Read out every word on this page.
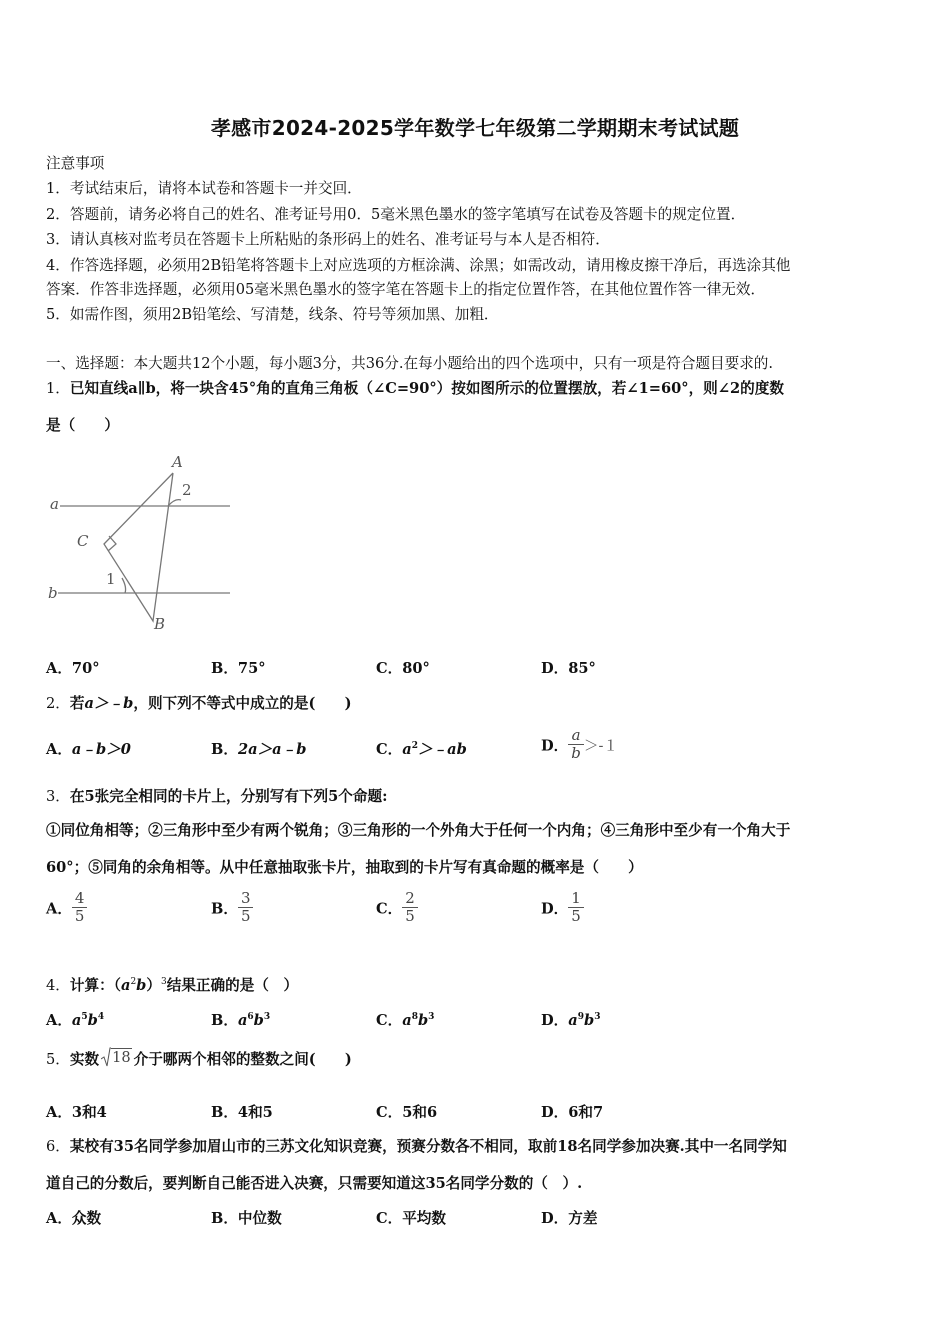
孝感市2024-2025学年数学七年级第二学期期末考试试题
注意事项
1．考试结束后，请将本试卷和答题卡一并交回．
2．答题前，请务必将自己的姓名、准考证号用0．5毫米黑色墨水的签字笔填写在试卷及答题卡的规定位置．
3．请认真核对监考员在答题卡上所粘贴的条形码上的姓名、准考证号与本人是否相符．
4．作答选择题，必须用2B铅笔将答题卡上对应选项的方框涂满、涂黑；如需改动，请用橡皮擦干净后，再选涂其他
答案．作答非选择题，必须用05毫米黑色墨水的签字笔在答题卡上的指定位置作答，在其他位置作答一律无效．
5．如需作图，须用2B铅笔绘、写清楚，线条、符号等须加黑、加粗．
一、选择题：本大题共12个小题，每小题3分，共36分.在每小题给出的四个选项中，只有一项是符合题目要求的.
1．已知直线a∥b，将一块含45°角的直角三角板（∠C=90°）按如图所示的位置摆放，若∠1=60°，则∠2的度数
是（　　）
A
B
C
a
b
1
2
A．70°	B．75°	C．80°	D．85°
2．若a＞﹣b，则下列不等式中成立的是(　　)
A．a﹣b＞0	B．2a＞a﹣b	C．$a^2>﹣ab$	D． $\frac{a}{b} >-1$
3．在5张完全相同的卡片上，分别写有下列5个命题:
①同位角相等；②三角形中至少有两个锐角；③三角形的一个外角大于任何一个内角；④三角形中至少有一个角大于
60°；⑤同角的余角相等。从中任意抽取张卡片，抽取到的卡片写有真命题的概率是（　　）
A． $\frac{4}{5}$	B． $\frac{3}{5}$	C． $\frac{2}{5}$	D． $\frac{1}{5}$
4．计算：$(a^2b)^3$结果正确的是（　）
A．$a^5b^4$	B．$a^6b^3$	C．$a^8b^3$	D．$a^9b^3$
5．实数 18 介于哪两个相邻的整数之间(　　)
A．3和4	B．4和5	C．5和6	D．6和7
6．某校有35名同学参加眉山市的三苏文化知识竞赛，预赛分数各不相同，取前18名同学参加决赛.其中一名同学知
道自己的分数后，要判断自己能否进入决赛，只需要知道这35名同学分数的（　）.
A．众数	B．中位数	C．平均数	D．方差
